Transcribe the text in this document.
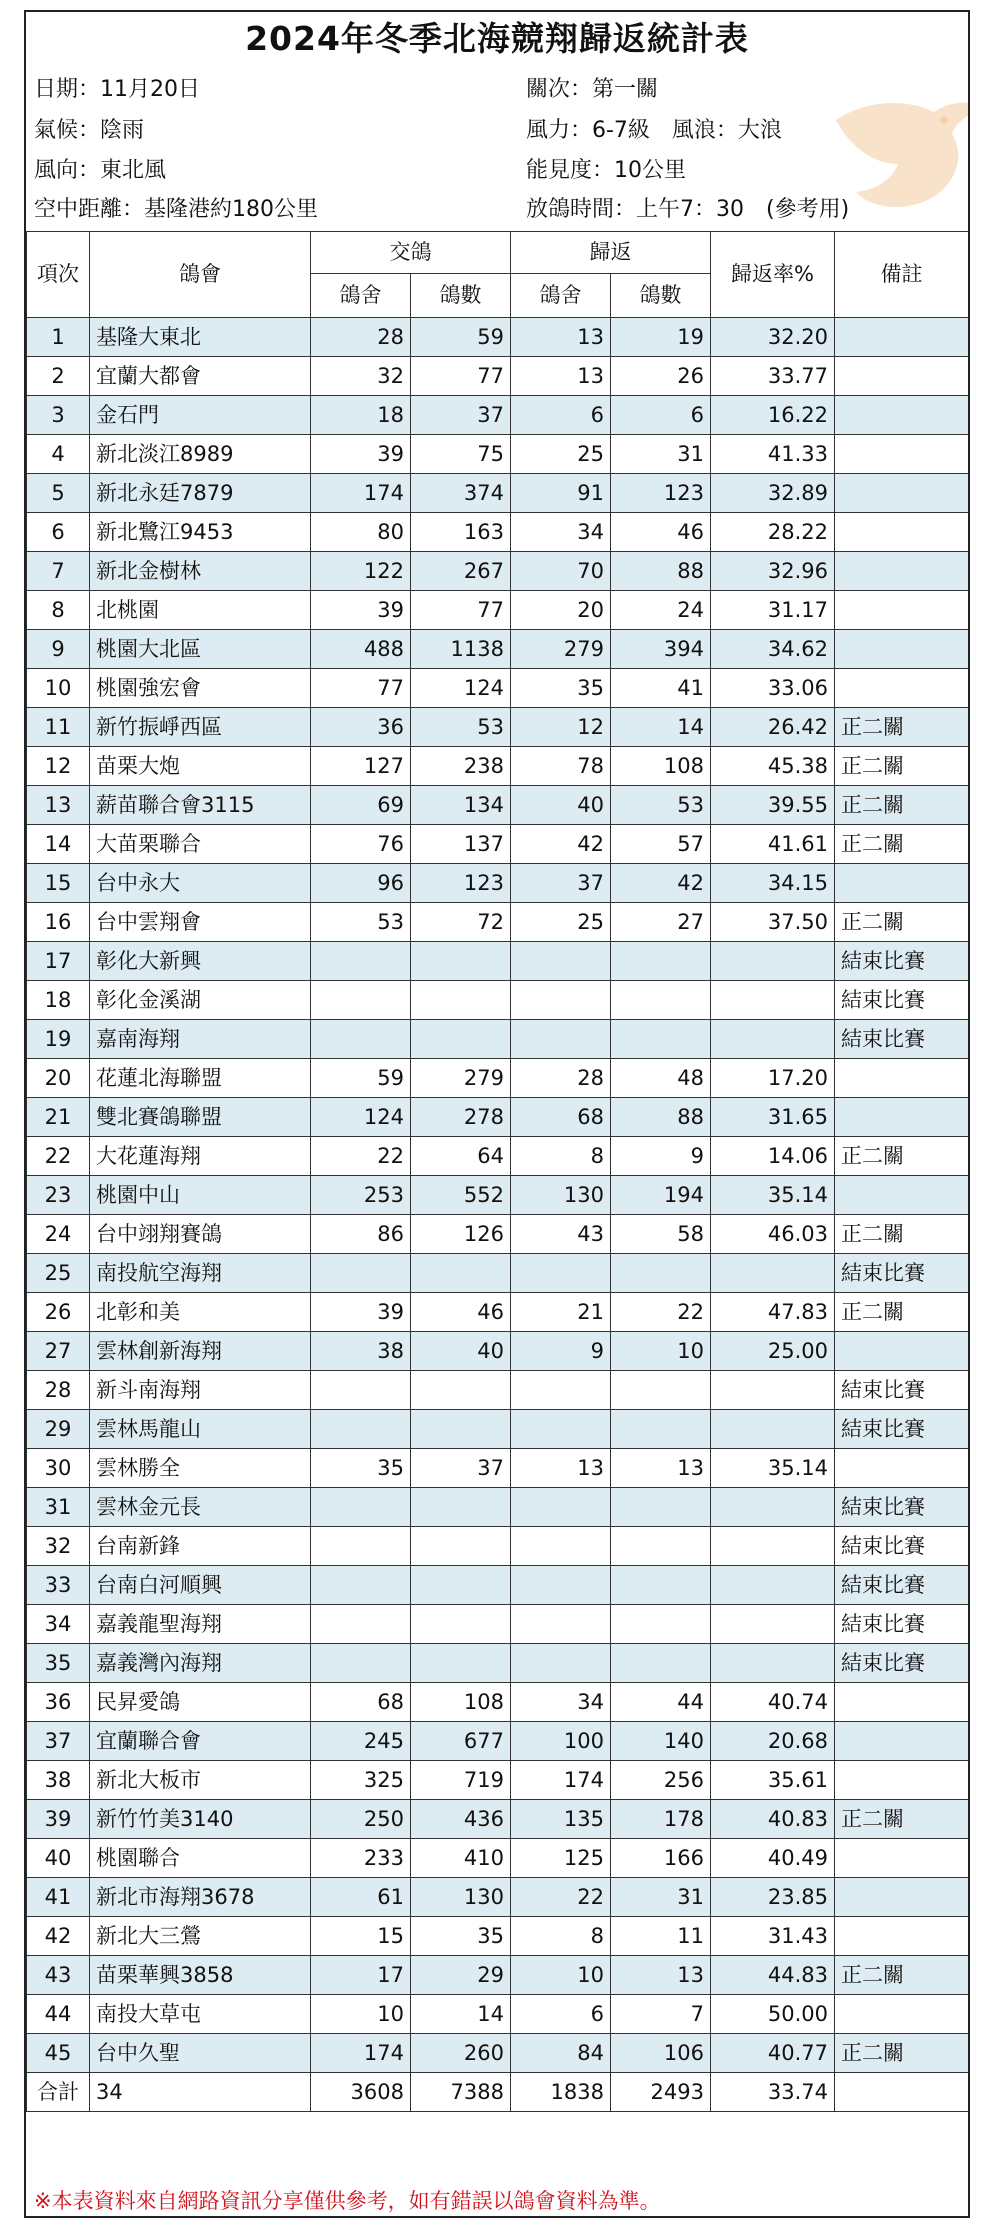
2024年冬季北海競翔歸返統計表
日期：11月20日	關次：第一關
氣候：陰雨	風力：6-7級　風浪：大浪
風向：東北風	能見度：10公里
空中距離：基隆港約180公里	放鴿時間：上午7：30　(參考用)
項次	鴿會	交鴿		歸返		歸返率%	備註
		鴿舍	鴿數	鴿舍	鴿數		
1	基隆大東北	28	59	13	19	32.20	
2	宜蘭大都會	32	77	13	26	33.77	
3	金石門	18	37	6	6	16.22	
4	新北淡江8989	39	75	25	31	41.33	
5	新北永廷7879	174	374	91	123	32.89	
6	新北鷺江9453	80	163	34	46	28.22	
7	新北金樹林	122	267	70	88	32.96	
8	北桃園	39	77	20	24	31.17	
9	桃園大北區	488	1138	279	394	34.62	
10	桃園強宏會	77	124	35	41	33.06	
11	新竹振崢西區	36	53	12	14	26.42	正二關
12	苗栗大炮	127	238	78	108	45.38	正二關
13	薪苗聯合會3115	69	134	40	53	39.55	正二關
14	大苗栗聯合	76	137	42	57	41.61	正二關
15	台中永大	96	123	37	42	34.15	
16	台中雲翔會	53	72	25	27	37.50	正二關
17	彰化大新興						結束比賽
18	彰化金溪湖						結束比賽
19	嘉南海翔						結束比賽
20	花蓮北海聯盟	59	279	28	48	17.20	
21	雙北賽鴿聯盟	124	278	68	88	31.65	
22	大花蓮海翔	22	64	8	9	14.06	正二關
23	桃園中山	253	552	130	194	35.14	
24	台中翊翔賽鴿	86	126	43	58	46.03	正二關
25	南投航空海翔						結束比賽
26	北彰和美	39	46	21	22	47.83	正二關
27	雲林創新海翔	38	40	9	10	25.00	
28	新斗南海翔						結束比賽
29	雲林馬龍山						結束比賽
30	雲林勝全	35	37	13	13	35.14	
31	雲林金元長						結束比賽
32	台南新鋒						結束比賽
33	台南白河順興						結束比賽
34	嘉義龍聖海翔						結束比賽
35	嘉義灣內海翔						結束比賽
36	民昇愛鴿	68	108	34	44	40.74	
37	宜蘭聯合會	245	677	100	140	20.68	
38	新北大板市	325	719	174	256	35.61	
39	新竹竹美3140	250	436	135	178	40.83	正二關
40	桃園聯合	233	410	125	166	40.49	
41	新北市海翔3678	61	130	22	31	23.85	
42	新北大三鶯	15	35	8	11	31.43	
43	苗栗華興3858	17	29	10	13	44.83	正二關
44	南投大草屯	10	14	6	7	50.00	
45	台中久聖	174	260	84	106	40.77	正二關
合計	34	3608	7388	1838	2493	33.74	
※本表資料來自網路資訊分享僅供參考，如有錯誤以鴿會資料為準。
